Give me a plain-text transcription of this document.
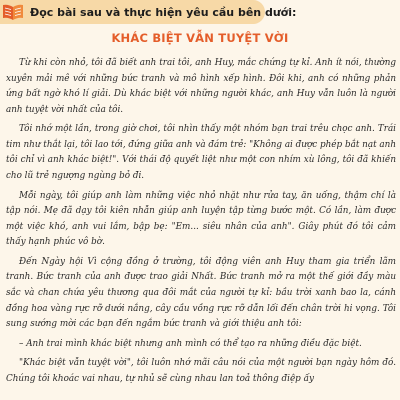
Đọc bài sau và thực hiện yêu cầu bên dưới:
KHÁC BIỆT VẪN TUYỆT VỜI

Từ khi còn nhỏ, tôi đã biết anh trai tôi, anh Huy, mắc chứng tự kỉ. Anh ít nói, thường xuyên mải mê với những bức tranh và mô hình xếp hình. Đôi khi, anh có những phản ứng bất ngờ khó lí giải. Dù khác biệt với những người khác, anh Huy vẫn luôn là người anh tuyệt vời nhất của tôi.

Tôi nhớ một lần, trong giờ chơi, tôi nhìn thấy một nhóm bạn trai trêu chọc anh. Trái tim như thắt lại, tôi lao tới, đứng giữa anh và đám trẻ: "Không ai được phép bắt nạt anh tôi chỉ vì anh khác biệt!". Với thái độ quyết liệt như một con nhím xù lông, tôi đã khiến cho lũ trẻ ngượng ngùng bỏ đi.

Mỗi ngày, tôi giúp anh làm những việc nhỏ nhặt như rửa tay, ăn uống, thậm chí là tập nói. Mẹ đã dạy tôi kiên nhẫn giúp anh luyện tập từng bước một. Có lần, làm được một việc khó, anh vui lắm, bập bẹ: "Em... siêu nhân của anh". Giây phút đó tôi cảm thấy hạnh phúc vô bờ.

Đến Ngày hội Vì cộng đồng ở trường, tôi động viên anh Huy tham gia triển lãm tranh. Bức tranh của anh được trao giải Nhất. Bức tranh mở ra một thế giới đầy màu sắc và chan chứa yêu thương qua đôi mắt của người tự kỉ: bầu trời xanh bao la, cánh đồng hoa vàng rực rỡ dưới nắng, cây cầu vồng rực rỡ dẫn lối đến chân trời hi vọng. Tôi sung sướng mời các bạn đến ngắm bức tranh và giới thiệu anh tôi:

– Anh trai mình khác biệt nhưng anh mình có thể tạo ra những điều đặc biệt.

"Khác biệt vẫn tuyệt vời", tôi luôn nhớ mãi câu nói của một người bạn ngày hôm đó. Chúng tôi khoác vai nhau, tự nhủ sẽ cùng nhau lan toả thông điệp ấy
